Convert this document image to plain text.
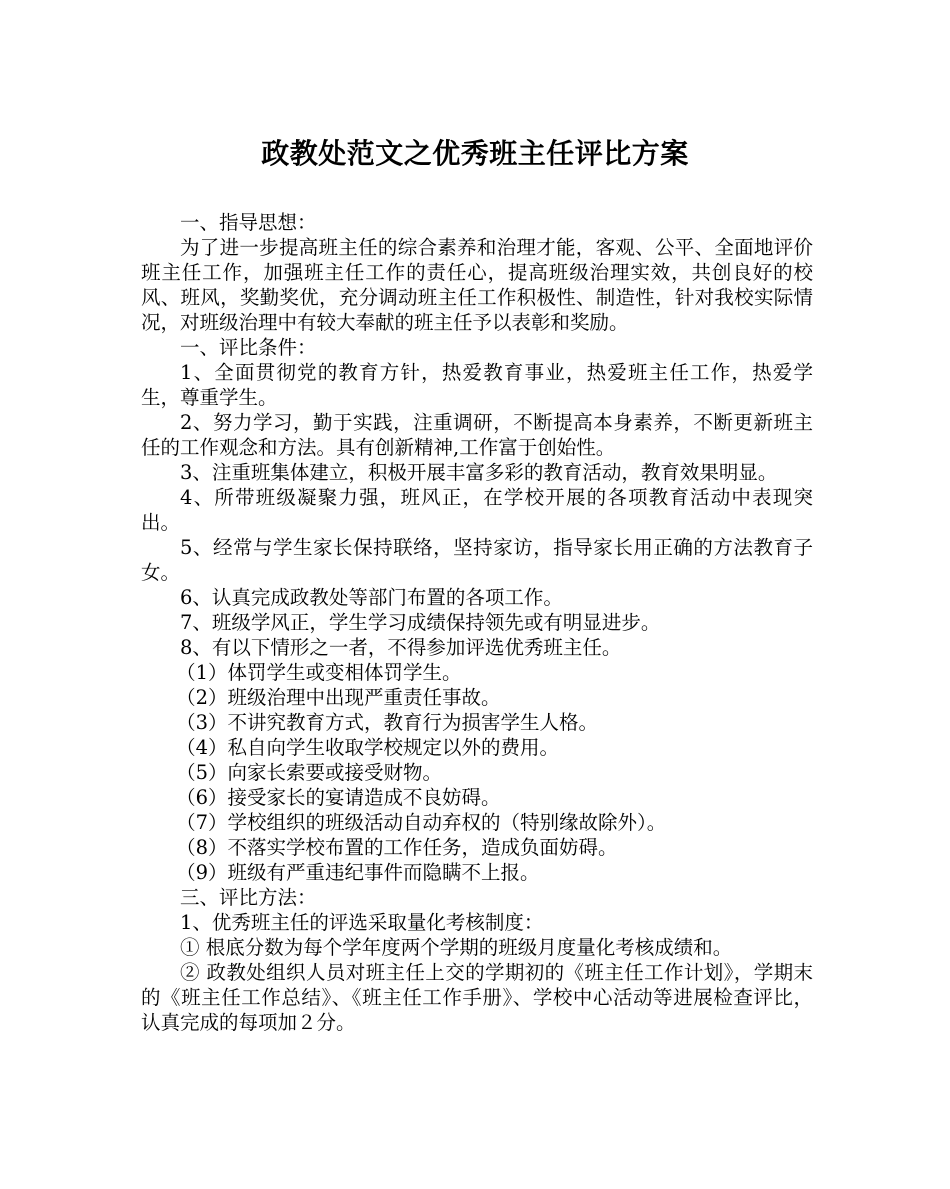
政教处范文之优秀班主任评比方案

一、指导思想：

为了进一步提高班主任的综合素养和治理才能，客观、公平、全面地评价班主任工作，加强班主任工作的责任心，提高班级治理实效，共创良好的校风、班风，奖勤奖优，充分调动班主任工作积极性、制造性，针对我校实际情况，对班级治理中有较大奉献的班主任予以表彰和奖励。

一、评比条件：

1、全面贯彻党的教育方针，热爱教育事业，热爱班主任工作，热爱学生，尊重学生。

2、努力学习，勤于实践，注重调研，不断提高本身素养，不断更新班主任的工作观念和方法。具有创新精神,工作富于创始性。

3、注重班集体建立，积极开展丰富多彩的教育活动，教育效果明显。

4、所带班级凝聚力强，班风正，在学校开展的各项教育活动中表现突出。

5、经常与学生家长保持联络，坚持家访，指导家长用正确的方法教育子女。

6、认真完成政教处等部门布置的各项工作。

7、班级学风正，学生学习成绩保持领先或有明显进步。

8、有以下情形之一者，不得参加评选优秀班主任。

（1）体罚学生或变相体罚学生。

（2）班级治理中出现严重责任事故。

（3）不讲究教育方式，教育行为损害学生人格。

（4）私自向学生收取学校规定以外的费用。

（5）向家长索要或接受财物。

（6）接受家长的宴请造成不良妨碍。

（7）学校组织的班级活动自动弃权的（特别缘故除外）。

（8）不落实学校布置的工作任务，造成负面妨碍。

（9）班级有严重违纪事件而隐瞒不上报。

三、评比方法：

1、优秀班主任的评选采取量化考核制度：

① 根底分数为每个学年度两个学期的班级月度量化考核成绩和。

② 政教处组织人员对班主任上交的学期初的《班主任工作计划》，学期末的《班主任工作总结》、《班主任工作手册》、学校中心活动等进展检查评比，认真完成的每项加２分。
